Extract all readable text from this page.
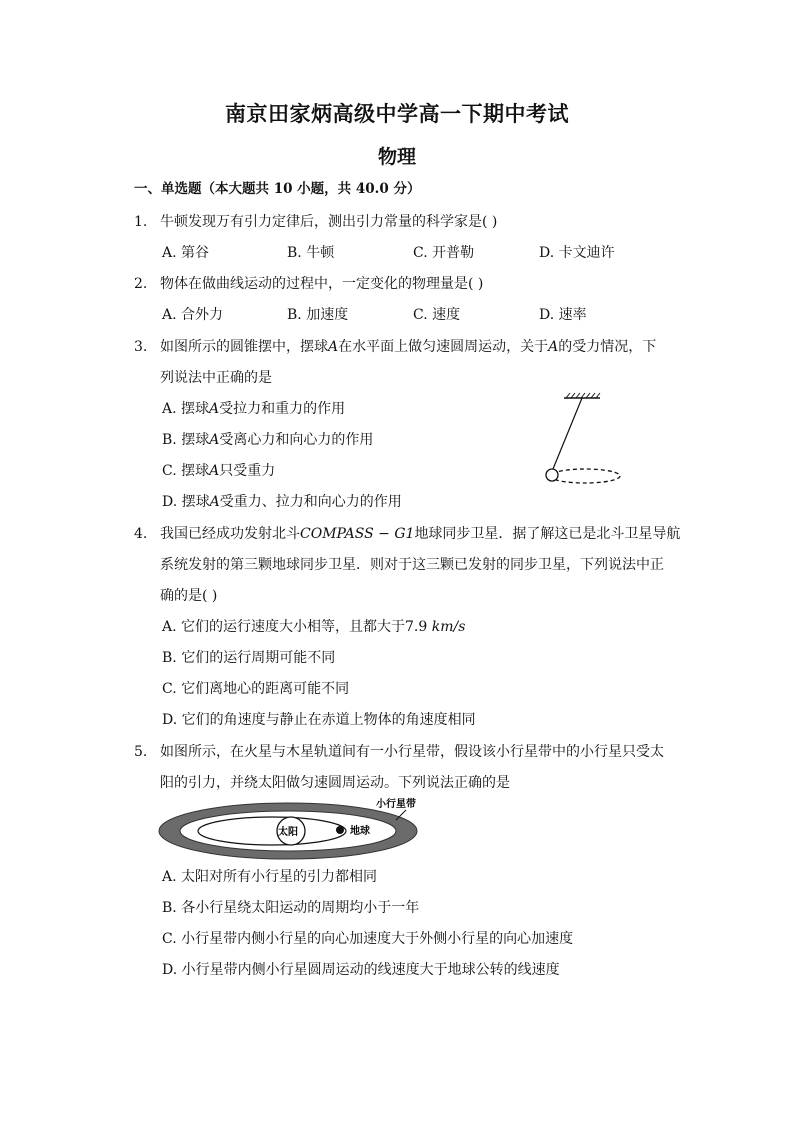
南京田家炳高级中学高一下期中考试
物理
一、单选题（本大题共 10 小题，共 40.0 分）
1. 牛顿发现万有引力定律后，测出引力常量的科学家是( )
A. 第谷	B. 牛顿	C. 开普勒	D. 卡文迪许
2. 物体在做曲线运动的过程中，一定变化的物理量是( )
A. 合外力	B. 加速度	C. 速度	D. 速率
3. 如图所示的圆锥摆中，摆球A在水平面上做匀速圆周运动，关于A的受力情况，下
列说法中正确的是
A. 摆球A受拉力和重力的作用
B. 摆球A受离心力和向心力的作用
C. 摆球A只受重力
D. 摆球A受重力、拉力和向心力的作用
4. 我国已经成功发射北斗COMPASS − G1地球同步卫星．据了解这已是北斗卫星导航
系统发射的第三颗地球同步卫星．则对于这三颗已发射的同步卫星，下列说法中正
确的是( )
A. 它们的运行速度大小相等，且都大于7.9 km/s
B. 它们的运行周期可能不同
C. 它们离地心的距离可能不同
D. 它们的角速度与静止在赤道上物体的角速度相同
5. 如图所示，在火星与木星轨道间有一小行星带，假设该小行星带中的小行星只受太
阳的引力，并绕太阳做匀速圆周运动。下列说法正确的是
太阳	地球
小行星带
A. 太阳对所有小行星的引力都相同
B. 各小行星绕太阳运动的周期均小于一年
C. 小行星带内侧小行星的向心加速度大于外侧小行星的向心加速度
D. 小行星带内侧小行星圆周运动的线速度大于地球公转的线速度
